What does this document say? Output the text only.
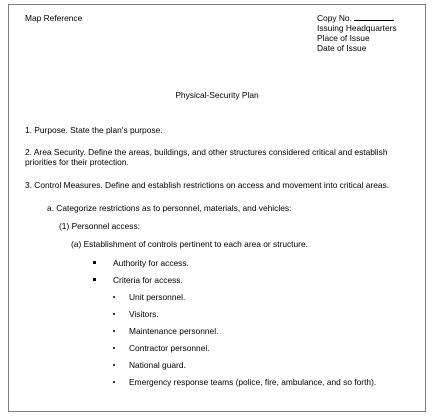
Map Reference	Copy No.
Issuing Headquarters
Place of Issue
Date of Issue
Physical-Security Plan
1. Purpose. State the plan's purpose.
2. Area Security. Define the areas, buildings, and other structures considered critical and establish
priorities for their protection.
3. Control Measures. Define and establish restrictions on access and movement into critical areas.
a. Categorize restrictions as to personnel, materials, and vehicles:
(1) Personnel access:
(a) Establishment of controls pertinent to each area or structure.
Authority for access.
Criteria for access.
Unit personnel.
Visitors.
Maintenance personnel.
Contractor personnel.
National guard.
Emergency response teams (police, fire, ambulance, and so forth).
